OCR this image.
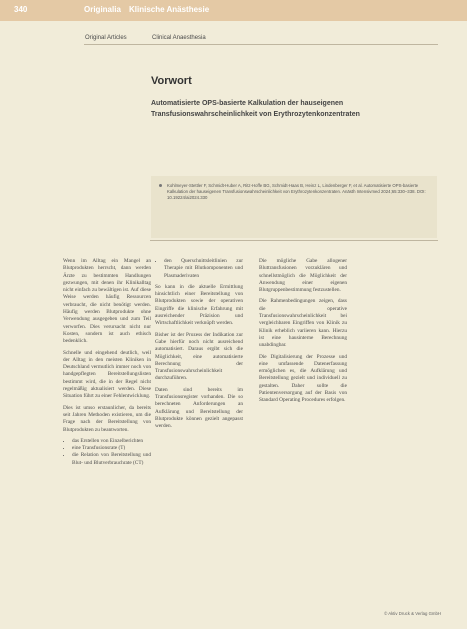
340	Originalia Klinische Anästhesie
Original Articles	Clinical Anaesthesia
Vorwort
Automatisierte OPS-basierte Kalkulation der hauseigenen Transfusionswahrscheinlichkeit von Erythrozytenkonzentraten

Kohlmeyer-Stettler F, Schmidt-Huber A, Ritz-Hoffe BG, Schmidt-Haas B, Heinz L, Lindenberger F, et al. Automatisierte OPS-basierte Kalkulation der hauseigenen Transfusionswahrscheinlichkeit von Erythrozytenkonzentraten. Anästh Intensivmed 2024;65:330–338. DOI: 10.19224/ai2024.330

Wenn im Alltag ein Mangel an Blutprodukten herrscht, dann werden Ärzte zu bestimmten Handlungen gezwungen, mit denen ihr Klinikalltag nicht einfach zu bewältigen ist. Auf diese Weise werden häufig Ressourcen verbraucht, die nicht benötigt werden. Häufig werden Blutprodukte ohne Verwendung ausgegeben und zum Teil verworfen. Dies verursacht nicht nur Kosten, sondern ist auch ethisch bedenklich.

Schnelle und eingehend deutlich, weil der Alltag in den meisten Kliniken in Deutschland vermutlich immer noch von handgepflegten Bereitstellungslisten bestimmt wird, die in der Regel nicht regelmäßig aktualisiert werden. Diese Situation führt zu einer Fehlentwicklung.

Dies ist umso erstaunlicher, da bereits seit Jahren Methoden existieren, um die Frage nach der Bereitstellung von Blutprodukten zu beantworten.

• das Erstellen von Einzelberichten
• eine Transfusionsrate (T)
• die Relation von Bereitstellung und Blut- und Blutverbrauchrate (CT)
• den Querschnittsleitlinien zur Therapie mit Blutkomponenten und Plasmaderivaten

So kann in die aktuelle Ermittlung hinsichtlich einer Bereitstellung von Blutprodukten sowie der operativen Eingriffe die klinische Erfahrung mit ausreichender Präzision und Wirtschaftlichkeit verknüpft werden.

Bisher ist der Prozess der Indikation zur Gabe hierfür noch nicht ausreichend automatisiert. Daraus ergibt sich die Möglichkeit, eine automatisierte Berechnung der Transfusionswahrscheinlichkeit durchzuführen.

Daten sind bereits im Transfusionsregister vorhanden. Die so berechneten Anforderungen an Aufklärung und Bereitstellung der Blutprodukte können gezielt angepasst werden.

Die mögliche Gabe allogener Bluttransfusionen vorzuklären und schnellstmöglich die Möglichkeit der Anwendung einer eigenen Blutgruppenbestimmung festzustellen.

Die Rahmenbedingungen zeigen, dass die operative Transfusionswahrscheinlichkeit bei vergleichbaren Eingriffen von Klinik zu Klinik erheblich variieren kann. Hierzu ist eine hausinterne Berechnung unabdingbar.

Die Digitalisierung der Prozesse und eine umfassende Datenerfassung ermöglichen es, die Aufklärung und Bereitstellung gezielt und individuell zu gestalten. Daher sollte die Patientenversorgung auf der Basis von Standard Operating Procedures erfolgen.

© Aktiv Druck & Verlag GmbH
